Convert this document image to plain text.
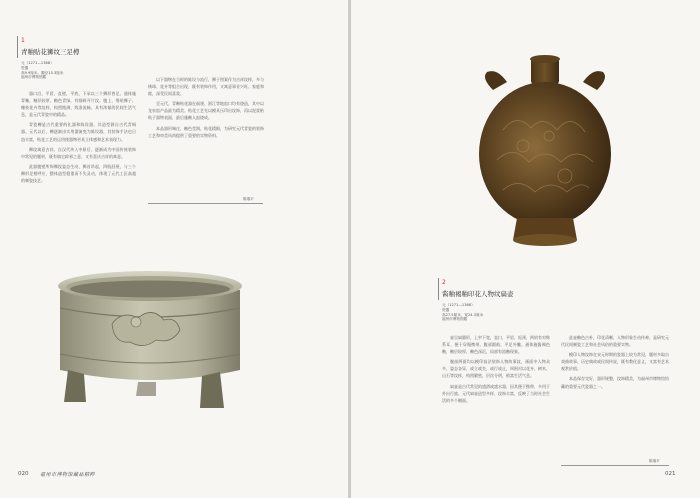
1
青釉贴花狮纹三足樽
元（1271—1368）
瓷器
高9.9厘米，腹径15.3厘米
福州市博物馆藏

器口沿，平唇，直壁，平底，下承以三个狮形兽足。通体施青釉，釉层较厚，釉色青绿，有细碎开片纹。腹上，堆贴狮子、缠枝花卉等纹样，构图饱满，线条流畅，具有浓郁的民间生活气息，是元代青瓷中的精品。

青瓷樽是古代重要的礼器和陈设器，其造型源自古代青铜器。元代以后，樽逐渐由实用器演变为陈设器，其装饰手法也日趋丰富，贴花工艺的运用使器物更具立体感和艺术表现力。

狮纹寓意吉祥，自汉代传入中原后，逐渐成为中国传统装饰中常见的题材，既有镇宅辟邪之意，又有喜庆吉祥的寓意。

此器腹壁所饰狮纹姿态生动，狮首昂起，四肢舒展，与三个狮形足相呼应，整体造型稳重而不失灵动，体现了元代工匠高超的制瓷技艺。

以下器物在当时的陈设与流行，狮子图案作为吉祥纹样，多与绣球、花卉等组合出现，既有装饰作用，又寓意事业兴旺、家庭和睦，深受民间喜爱。

至元代，青釉贴花器在福建、浙江等地窑口均有烧造，其中以龙泉窑产品最为精美。贴花工艺先以模具压印出纹饰，再以泥浆粘贴于器物表面，最后施釉入窑烧成。

本品器形端庄，釉色莹润，贴花精细，为研究元代青瓷的装饰工艺和审美风尚提供了重要的实物资料。

陈瑞平
020 福州市博物馆藏品精粹
2
酱釉褐釉印花人物纹扁壶
元（1271—1368）
瓷器
高27.5厘米，宽24.3厘米
福州市博物馆藏

壶呈扁圆形，上窄下宽，直口，平唇，短颈，两肩有对称系耳，便于穿绳携带。腹部圆鼓，平足外撇。通体施酱褐色釉，釉层较厚，釉色深沉，局部有流釉现象。

腹部两面均以模印技法装饰人物故事纹，画面中人物众多，姿态各异，或立或坐，或行或止，周围衬以花卉、树木、山石等纹样，构图繁密，层次分明，极富生活气息。

扁壶是古代常见的盛酒或盛水器，因其便于携带，多用于外出行旅。元代扁壶造型多样，纹饰丰富，反映了当时社会生活的多个侧面。

此壶釉色古朴，印花清晰，人物形象生动传神，是研究元代民间制瓷工艺和社会风俗的重要实物。

模印人物纹饰在宋元时期的瓷器上较为常见，题材多取自戏曲故事、历史典故或民间传说，既有教化意义，又富有艺术观赏价值。

本品保存完好，器形规整，纹饰精美，为福州市博物馆馆藏的重要元代瓷器之一。

陈瑞平
021
